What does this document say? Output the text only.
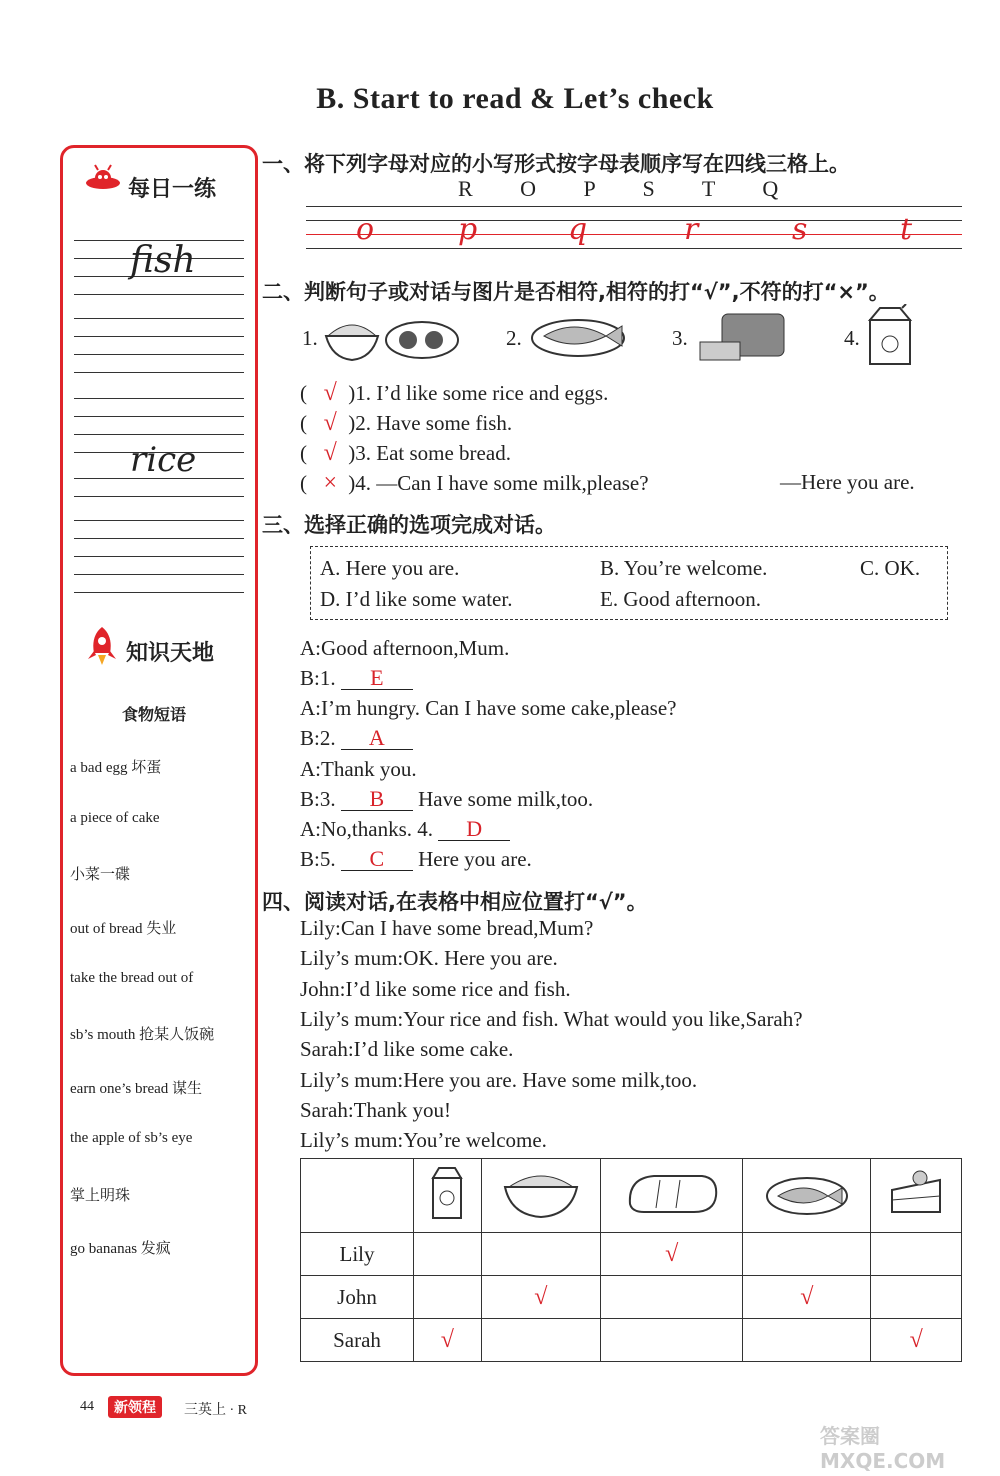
B. Start to read & Let’s check
每日一练
fish
rice
知识天地
食物短语
a bad egg 坏蛋
a piece of cake
小菜一碟
out of bread 失业
take the bread out of
sb’s mouth 抢某人饭碗
earn one’s bread 谋生
the apple of sb’s eye
掌上明珠
go bananas 发疯
一、将下列字母对应的小写形式按字母表顺序写在四线三格上。
R O P S T Q
o	p	q	r	s	t
二、判断句子或对话与图片是否相符,相符的打“√”,不符的打“×”。
1.	2.	3.	4.
( √ )1. I’d like some rice and eggs.
( √ )2. Have some fish.
( √ )3. Eat some bread.
( × )4. —Can I have some milk,please?	—Here you are.
三、选择正确的选项完成对话。
A. Here you are.	B. You’re welcome.	C. OK.
D. I’d like some water.	E. Good afternoon.
A:Good afternoon,Mum.
B:1. E
A:I’m hungry. Can I have some cake,please?
B:2. A
A:Thank you.
B:3. B Have some milk,too.
A:No,thanks. 4. D
B:5. C Here you are.
四、阅读对话,在表格中相应位置打“√”。
Lily:Can I have some bread,Mum?
Lily’s mum:OK. Here you are.
John:I’d like some rice and fish.
Lily’s mum:Your rice and fish. What would you like,Sarah?
Sarah:I’d like some cake.
Lily’s mum:Here you are. Have some milk,too.
Sarah:Thank you!
Lily’s mum:You’re welcome.

Lily			√		
John		√		√	
Sarah	√				√
44	新领程	三英上 · R
答案圈 MXQE.COM
